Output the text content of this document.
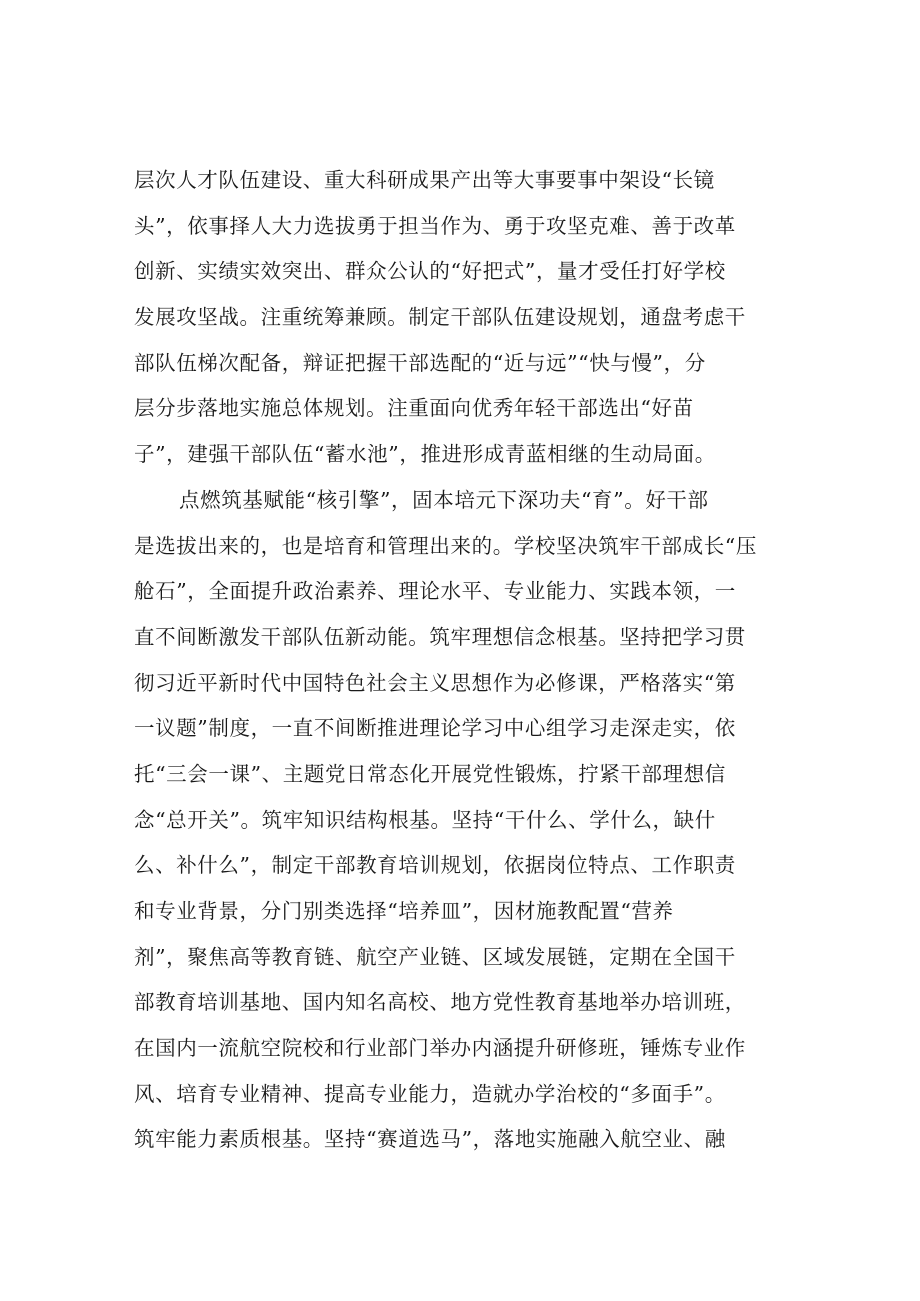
层次人才队伍建设、重大科研成果产出等大事要事中架设“长镜
头”，依事择人大力选拔勇于担当作为、勇于攻坚克难、善于改革
创新、实绩实效突出、群众公认的“好把式”，量才受任打好学校
发展攻坚战。注重统筹兼顾。制定干部队伍建设规划，通盘考虑干
部队伍梯次配备，辩证把握干部选配的“近与远”“快与慢”，分
层分步落地实施总体规划。注重面向优秀年轻干部选出“好苗
子”，建强干部队伍“蓄水池”，推进形成青蓝相继的生动局面。
点燃筑基赋能“核引擎”，固本培元下深功夫“育”。好干部
是选拔出来的，也是培育和管理出来的。学校坚决筑牢干部成长“压
舱石”，全面提升政治素养、理论水平、专业能力、实践本领，一
直不间断激发干部队伍新动能。筑牢理想信念根基。坚持把学习贯
彻习近平新时代中国特色社会主义思想作为必修课，严格落实“第
一议题”制度，一直不间断推进理论学习中心组学习走深走实，依
托“三会一课”、主题党日常态化开展党性锻炼，拧紧干部理想信
念“总开关”。筑牢知识结构根基。坚持“干什么、学什么，缺什
么、补什么”，制定干部教育培训规划，依据岗位特点、工作职责
和专业背景，分门别类选择“培养皿”，因材施教配置“营养
剂”，聚焦高等教育链、航空产业链、区域发展链，定期在全国干
部教育培训基地、国内知名高校、地方党性教育基地举办培训班，
在国内一流航空院校和行业部门举办内涵提升研修班，锤炼专业作
风、培育专业精神、提高专业能力，造就办学治校的“多面手”。
筑牢能力素质根基。坚持“赛道选马”，落地实施融入航空业、融
